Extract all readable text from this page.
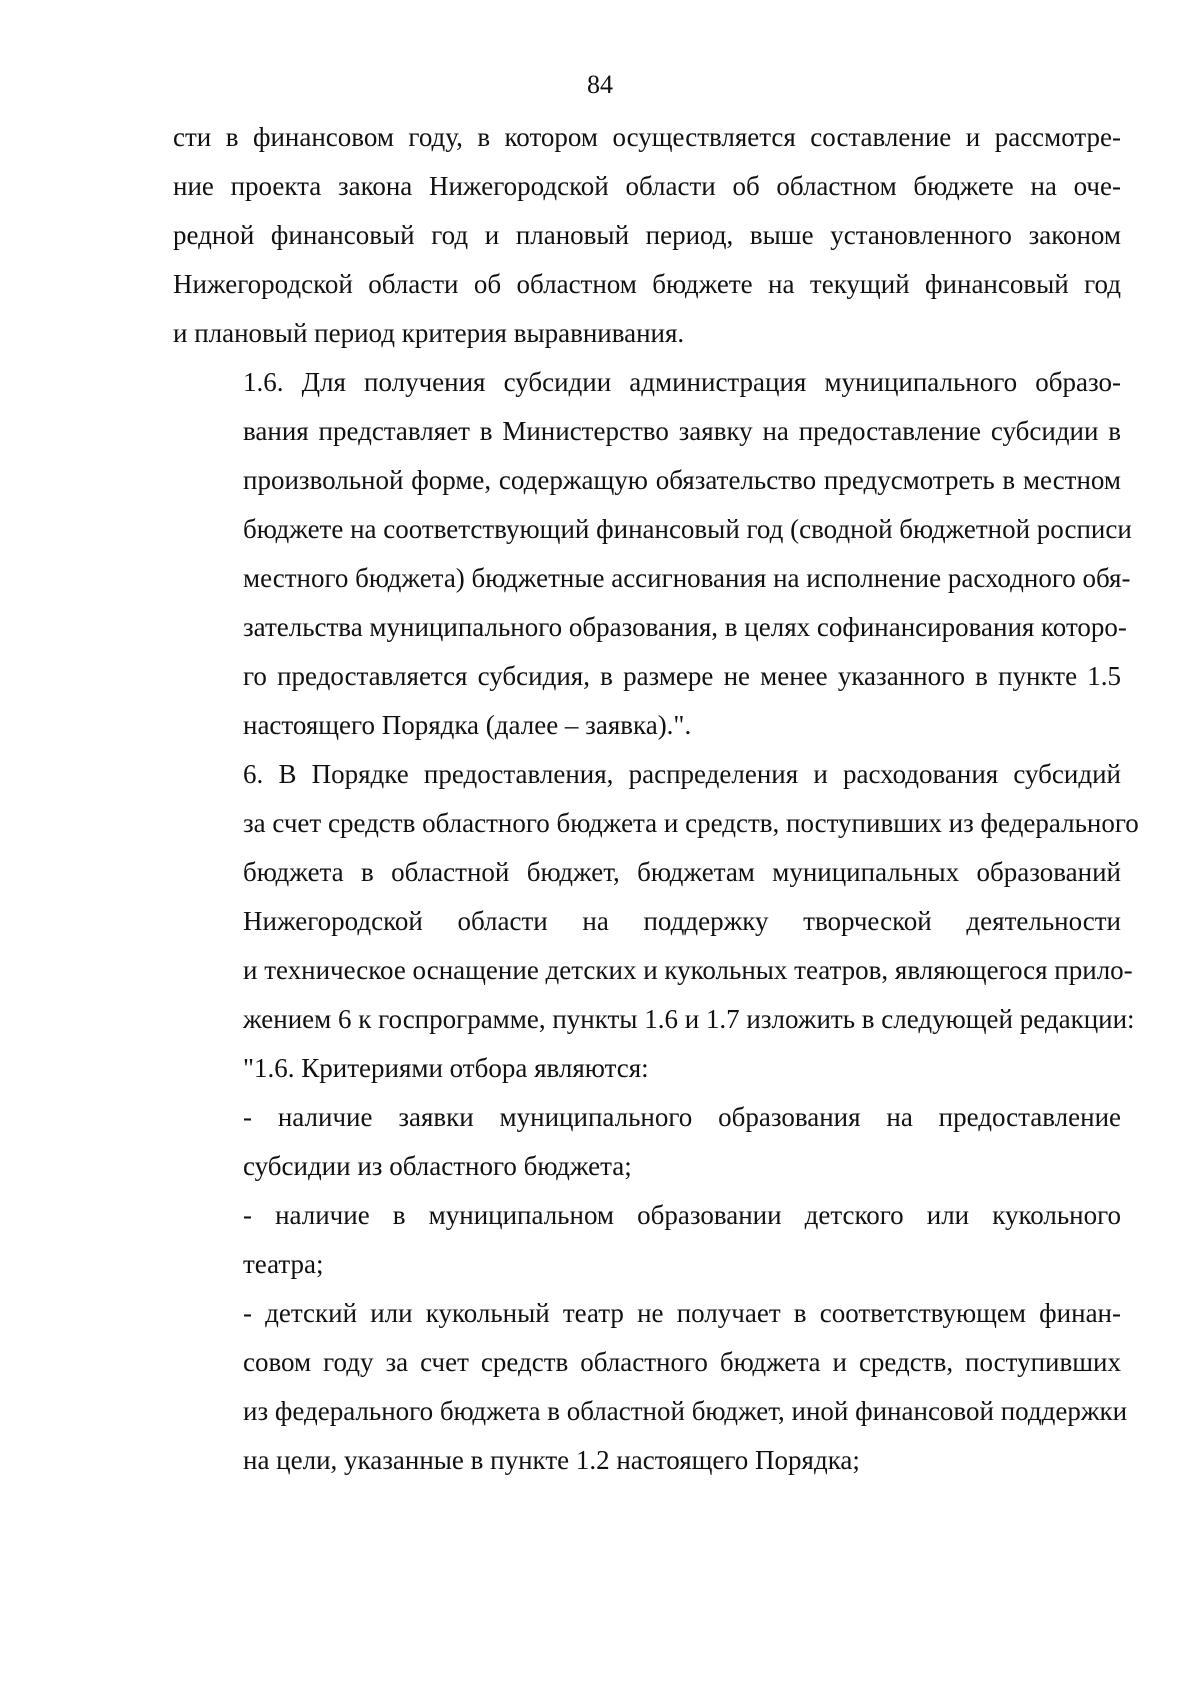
84

сти в финансовом году, в котором осуществляется составление и рассмотре-
ние проекта закона Нижегородской области об областном бюджете на оче-
редной финансовый год и плановый период, выше установленного законом
Нижегородской области об областном бюджете на текущий финансовый год
и плановый период критерия выравнивания.

1.6. Для получения субсидии администрация муниципального образо-
вания представляет в Министерство заявку на предоставление субсидии в
произвольной форме, содержащую обязательство предусмотреть в местном
бюджете на соответствующий финансовый год (сводной бюджетной росписи
местного бюджета) бюджетные ассигнования на исполнение расходного обя-
зательства муниципального образования, в целях софинансирования которо-
го предоставляется субсидия, в размере не менее указанного в пункте 1.5
настоящего Порядка (далее – заявка).".

6. В Порядке предоставления, распределения и расходования субсидий
за счет средств областного бюджета и средств, поступивших из федерального
бюджета в областной бюджет, бюджетам муниципальных образований
Нижегородской области на поддержку творческой деятельности
и техническое оснащение детских и кукольных театров, являющегося прило-
жением 6 к госпрограмме, пункты 1.6 и 1.7 изложить в следующей редакции:

"1.6. Критериями отбора являются:

- наличие заявки муниципального образования на предоставление
субсидии из областного бюджета;

- наличие в муниципальном образовании детского или кукольного
театра;

- детский или кукольный театр не получает в соответствующем финан-
совом году за счет средств областного бюджета и средств, поступивших
из федерального бюджета в областной бюджет, иной финансовой поддержки
на цели, указанные в пункте 1.2 настоящего Порядка;
